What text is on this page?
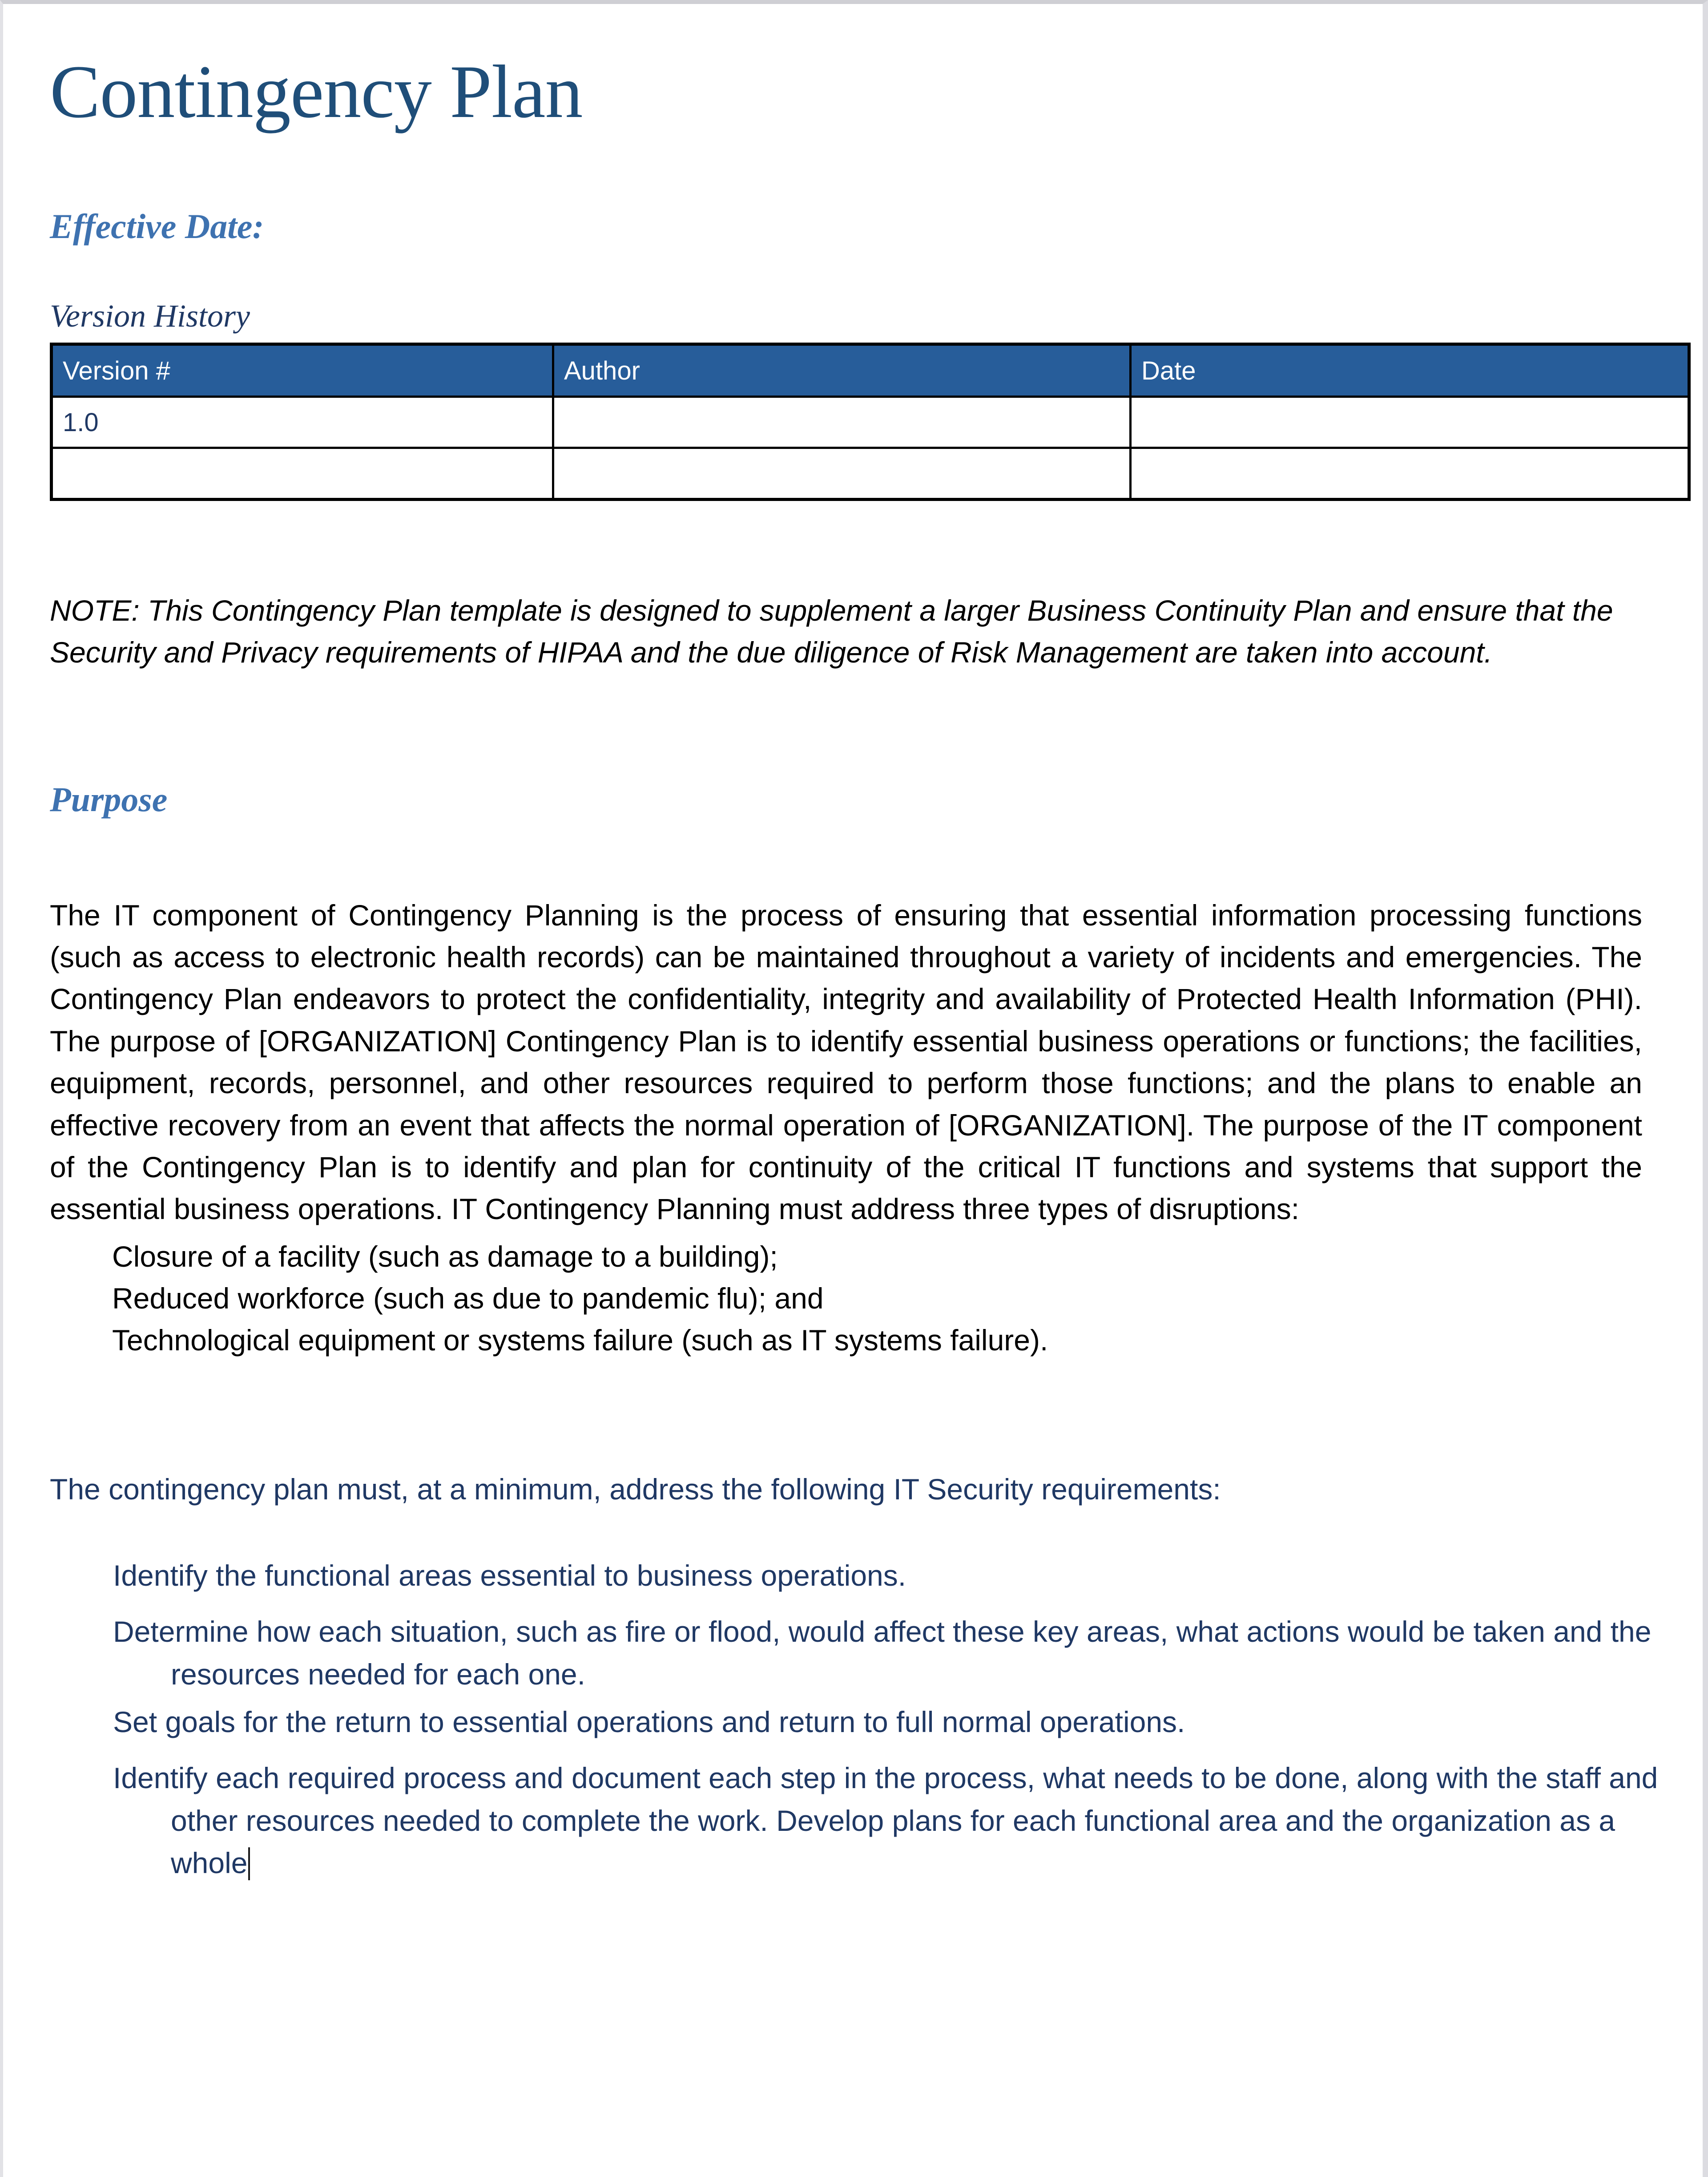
Contingency Plan
Effective Date:
Version History
Version #	Author	Date
1.0		

NOTE: This Contingency Plan template is designed to supplement a larger Business Continuity Plan and ensure that the Security and Privacy requirements of HIPAA and the due diligence of Risk Management are taken into account.

Purpose

The IT component of Contingency Planning is the process of ensuring that essential information processing functions (such as access to electronic health records) can be maintained throughout a variety of incidents and emergencies. The Contingency Plan endeavors to protect the confidentiality, integrity and availability of Protected Health Information (PHI). The purpose of [ORGANIZATION] Contingency Plan is to identify essential business operations or functions; the facilities, equipment, records, personnel, and other resources required to perform those functions; and the plans to enable an effective recovery from an event that affects the normal operation of [ORGANIZATION]. The purpose of the IT component of the Contingency Plan is to identify and plan for continuity of the critical IT functions and systems that support the essential business operations. IT Contingency Planning must address three types of disruptions:

Closure of a facility (such as damage to a building);

Reduced workforce (such as due to pandemic flu); and

Technological equipment or systems failure (such as IT systems failure).

The contingency plan must, at a minimum, address the following IT Security requirements:

Identify the functional areas essential to business operations.

Determine how each situation, such as fire or flood, would affect these key areas, what actions would be taken and the resources needed for each one.

Set goals for the return to essential operations and return to full normal operations.

Identify each required process and document each step in the process, what needs to be done, along with the staff and other resources needed to complete the work. Develop plans for each functional area and the organization as a whole
